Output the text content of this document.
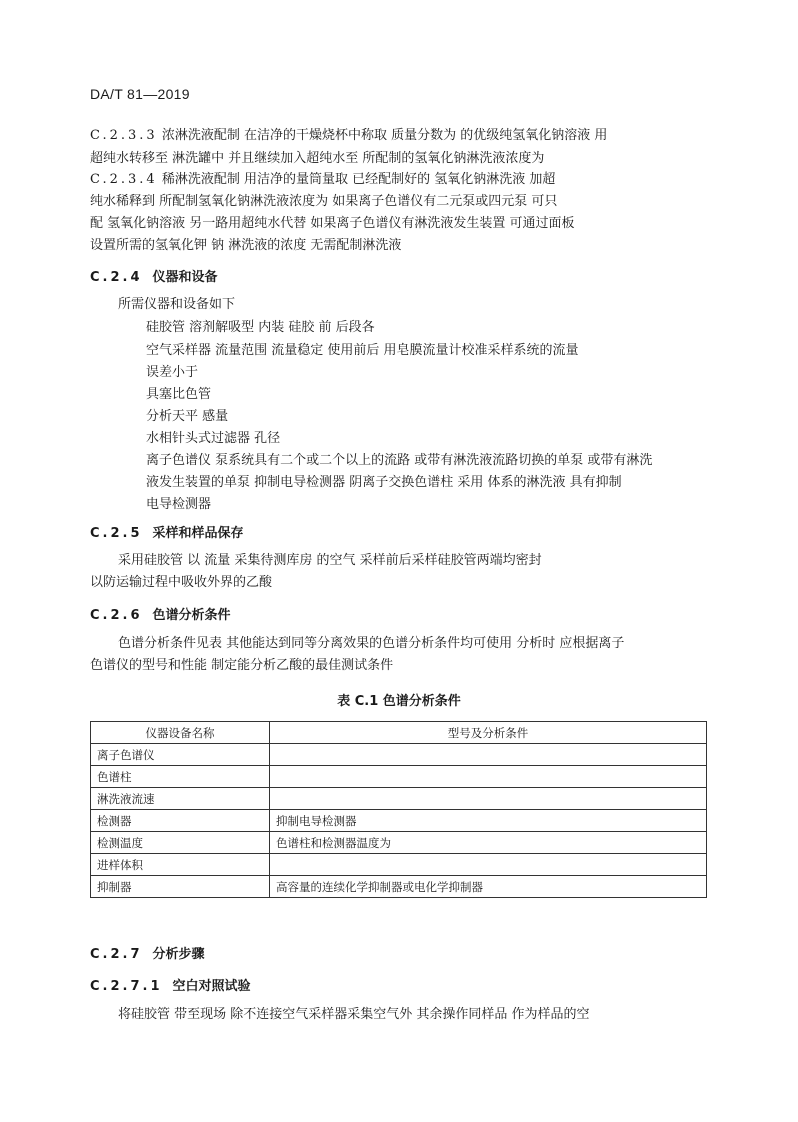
DA/T 81—2019
C.2.3.3 浓淋洗液配制 在洁净的干燥烧杯中称取 质量分数为 的优级纯氢氧化钠溶液 用
超纯水转移至 淋洗罐中 并且继续加入超纯水至 所配制的氢氧化钠淋洗液浓度为
C.2.3.4 稀淋洗液配制 用洁净的量筒量取 已经配制好的 氢氧化钠淋洗液 加超
纯水稀释到 所配制氢氧化钠淋洗液浓度为 如果离子色谱仪有二元泵或四元泵 可只
配 氢氧化钠溶液 另一路用超纯水代替 如果离子色谱仪有淋洗液发生装置 可通过面板
设置所需的氢氧化钾 钠 淋洗液的浓度 无需配制淋洗液
C.2.4 仪器和设备
所需仪器和设备如下
硅胶管 溶剂解吸型 内装 硅胶 前 后段各
空气采样器 流量范围 流量稳定 使用前后 用皂膜流量计校准采样系统的流量
误差小于
具塞比色管
分析天平 感量
水相针头式过滤器 孔径
离子色谱仪 泵系统具有二个或二个以上的流路 或带有淋洗液流路切换的单泵 或带有淋洗
液发生装置的单泵 抑制电导检测器 阴离子交换色谱柱 采用 体系的淋洗液 具有抑制
电导检测器
C.2.5 采样和样品保存
采用硅胶管 以 流量 采集待测库房 的空气 采样前后采样硅胶管两端均密封
以防运输过程中吸收外界的乙酸
C.2.6 色谱分析条件
色谱分析条件见表 其他能达到同等分离效果的色谱分析条件均可使用 分析时 应根据离子
色谱仪的型号和性能 制定能分析乙酸的最佳测试条件
表 C.1 色谱分析条件
仪器设备名称	型号及分析条件
离子色谱仪	
色谱柱	
淋洗液流速	
检测器	抑制电导检测器
检测温度	色谱柱和检测器温度为
进样体积	
抑制器	高容量的连续化学抑制器或电化学抑制器
C.2.7 分析步骤
C.2.7.1 空白对照试验
将硅胶管 带至现场 除不连接空气采样器采集空气外 其余操作同样品 作为样品的空
